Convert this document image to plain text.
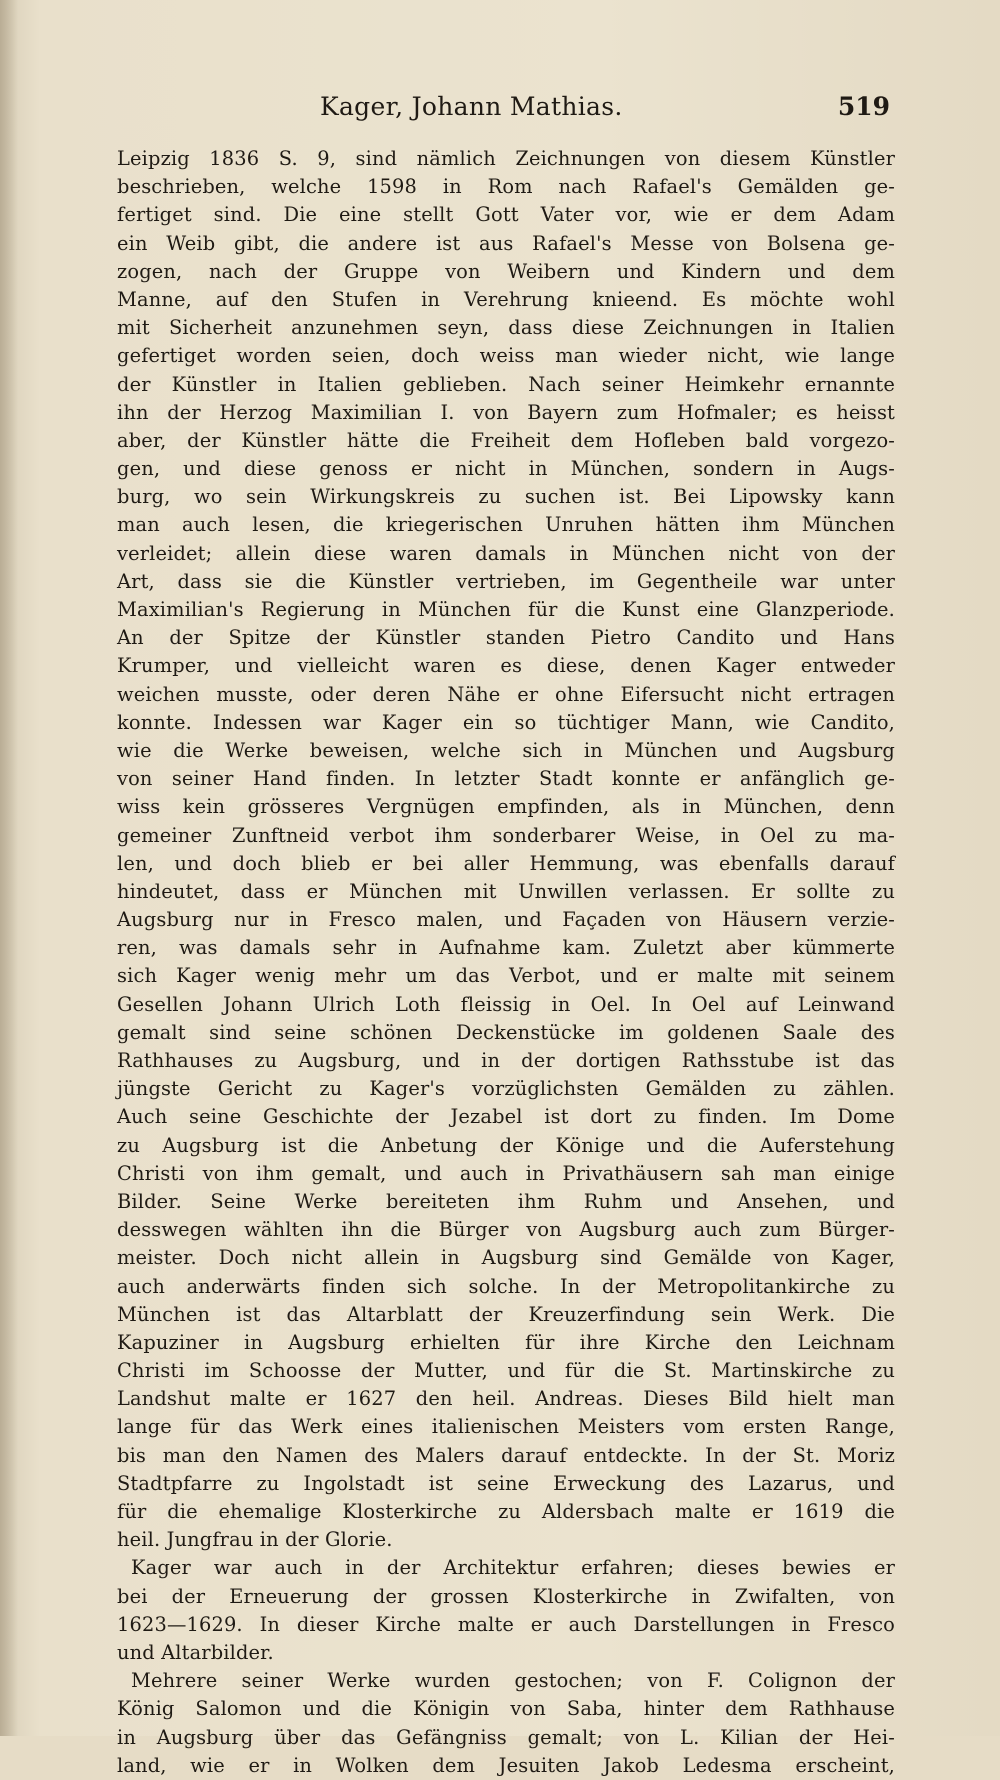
Kager, Johann Mathias.	519
Leipzig 1836 S. 9, sind nämlich Zeichnungen von diesem Künstler
beschrieben, welche 1598 in Rom nach Rafael's Gemälden ge-
fertiget sind. Die eine stellt Gott Vater vor, wie er dem Adam
ein Weib gibt, die andere ist aus Rafael's Messe von Bolsena ge-
zogen, nach der Gruppe von Weibern und Kindern und dem
Manne, auf den Stufen in Verehrung knieend. Es möchte wohl
mit Sicherheit anzunehmen seyn, dass diese Zeichnungen in Italien
gefertiget worden seien, doch weiss man wieder nicht, wie lange
der Künstler in Italien geblieben. Nach seiner Heimkehr ernannte
ihn der Herzog Maximilian I. von Bayern zum Hofmaler; es heisst
aber, der Künstler hätte die Freiheit dem Hofleben bald vorgezo-
gen, und diese genoss er nicht in München, sondern in Augs-
burg, wo sein Wirkungskreis zu suchen ist. Bei Lipowsky kann
man auch lesen, die kriegerischen Unruhen hätten ihm München
verleidet; allein diese waren damals in München nicht von der
Art, dass sie die Künstler vertrieben, im Gegentheile war unter
Maximilian's Regierung in München für die Kunst eine Glanzperiode.
An der Spitze der Künstler standen Pietro Candito und Hans
Krumper, und vielleicht waren es diese, denen Kager entweder
weichen musste, oder deren Nähe er ohne Eifersucht nicht ertragen
konnte. Indessen war Kager ein so tüchtiger Mann, wie Candito,
wie die Werke beweisen, welche sich in München und Augsburg
von seiner Hand finden. In letzter Stadt konnte er anfänglich ge-
wiss kein grösseres Vergnügen empfinden, als in München, denn
gemeiner Zunftneid verbot ihm sonderbarer Weise, in Oel zu ma-
len, und doch blieb er bei aller Hemmung, was ebenfalls darauf
hindeutet, dass er München mit Unwillen verlassen. Er sollte zu
Augsburg nur in Fresco malen, und Façaden von Häusern verzie-
ren, was damals sehr in Aufnahme kam. Zuletzt aber kümmerte
sich Kager wenig mehr um das Verbot, und er malte mit seinem
Gesellen Johann Ulrich Loth fleissig in Oel. In Oel auf Leinwand
gemalt sind seine schönen Deckenstücke im goldenen Saale des
Rathhauses zu Augsburg, und in der dortigen Rathsstube ist das
jüngste Gericht zu Kager's vorzüglichsten Gemälden zu zählen.
Auch seine Geschichte der Jezabel ist dort zu finden. Im Dome
zu Augsburg ist die Anbetung der Könige und die Auferstehung
Christi von ihm gemalt, und auch in Privathäusern sah man einige
Bilder. Seine Werke bereiteten ihm Ruhm und Ansehen, und
desswegen wählten ihn die Bürger von Augsburg auch zum Bürger-
meister. Doch nicht allein in Augsburg sind Gemälde von Kager,
auch anderwärts finden sich solche. In der Metropolitankirche zu
München ist das Altarblatt der Kreuzerfindung sein Werk. Die
Kapuziner in Augsburg erhielten für ihre Kirche den Leichnam
Christi im Schoosse der Mutter, und für die St. Martinskirche zu
Landshut malte er 1627 den heil. Andreas. Dieses Bild hielt man
lange für das Werk eines italienischen Meisters vom ersten Range,
bis man den Namen des Malers darauf entdeckte. In der St. Moriz
Stadtpfarre zu Ingolstadt ist seine Erweckung des Lazarus, und
für die ehemalige Klosterkirche zu Aldersbach malte er 1619 die
heil. Jungfrau in der Glorie.
Kager war auch in der Architektur erfahren; dieses bewies er
bei der Erneuerung der grossen Klosterkirche in Zwifalten, von
1623—1629. In dieser Kirche malte er auch Darstellungen in Fresco
und Altarbilder.
Mehrere seiner Werke wurden gestochen; von F. Colignon der
König Salomon und die Königin von Saba, hinter dem Rathhause
in Augsburg über das Gefängniss gemalt; von L. Kilian der Hei-
land, wie er in Wolken dem Jesuiten Jakob Ledesma erscheint,
